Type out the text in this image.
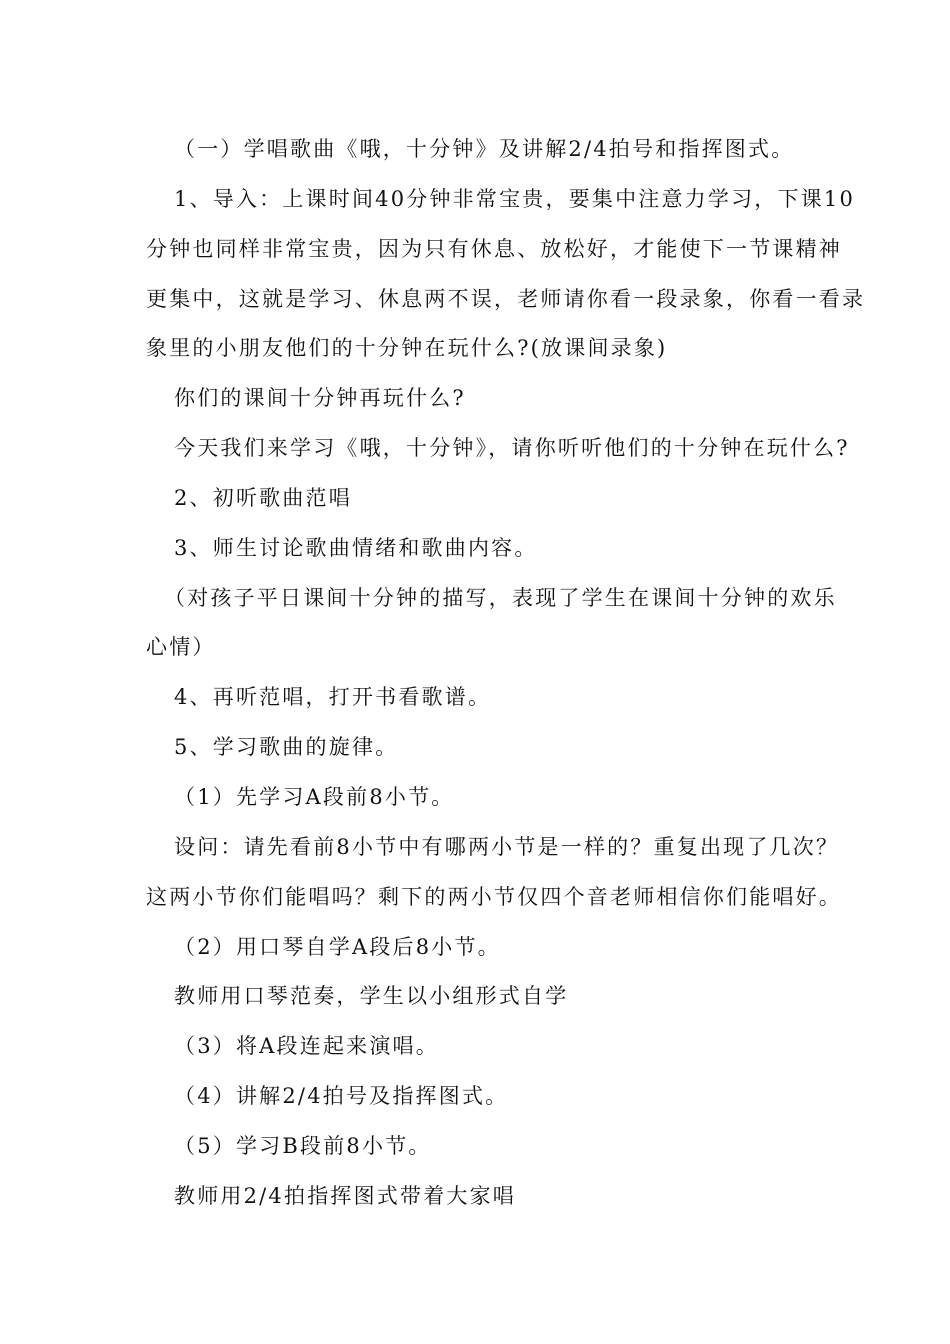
（一）学唱歌曲《哦，十分钟》及讲解2/4拍号和指挥图式。
1、导入：上课时间40分钟非常宝贵，要集中注意力学习，下课10
分钟也同样非常宝贵，因为只有休息、放松好，才能使下一节课精神
更集中，这就是学习、休息两不误，老师请你看一段录象，你看一看录
象里的小朋友他们的十分钟在玩什么?(放课间录象)
你们的课间十分钟再玩什么?
今天我们来学习《哦，十分钟》，请你听听他们的十分钟在玩什么?
2、初听歌曲范唱
3、师生讨论歌曲情绪和歌曲内容。
（对孩子平日课间十分钟的描写，表现了学生在课间十分钟的欢乐
心情）
4、再听范唱，打开书看歌谱。
5、学习歌曲的旋律。
（1）先学习A段前8小节。
设问：请先看前8小节中有哪两小节是一样的？重复出现了几次？
这两小节你们能唱吗？剩下的两小节仅四个音老师相信你们能唱好。
（2）用口琴自学A段后8小节。
教师用口琴范奏，学生以小组形式自学
（3）将A段连起来演唱。
（4）讲解2/4拍号及指挥图式。
（5）学习B段前8小节。
教师用2/4拍指挥图式带着大家唱
